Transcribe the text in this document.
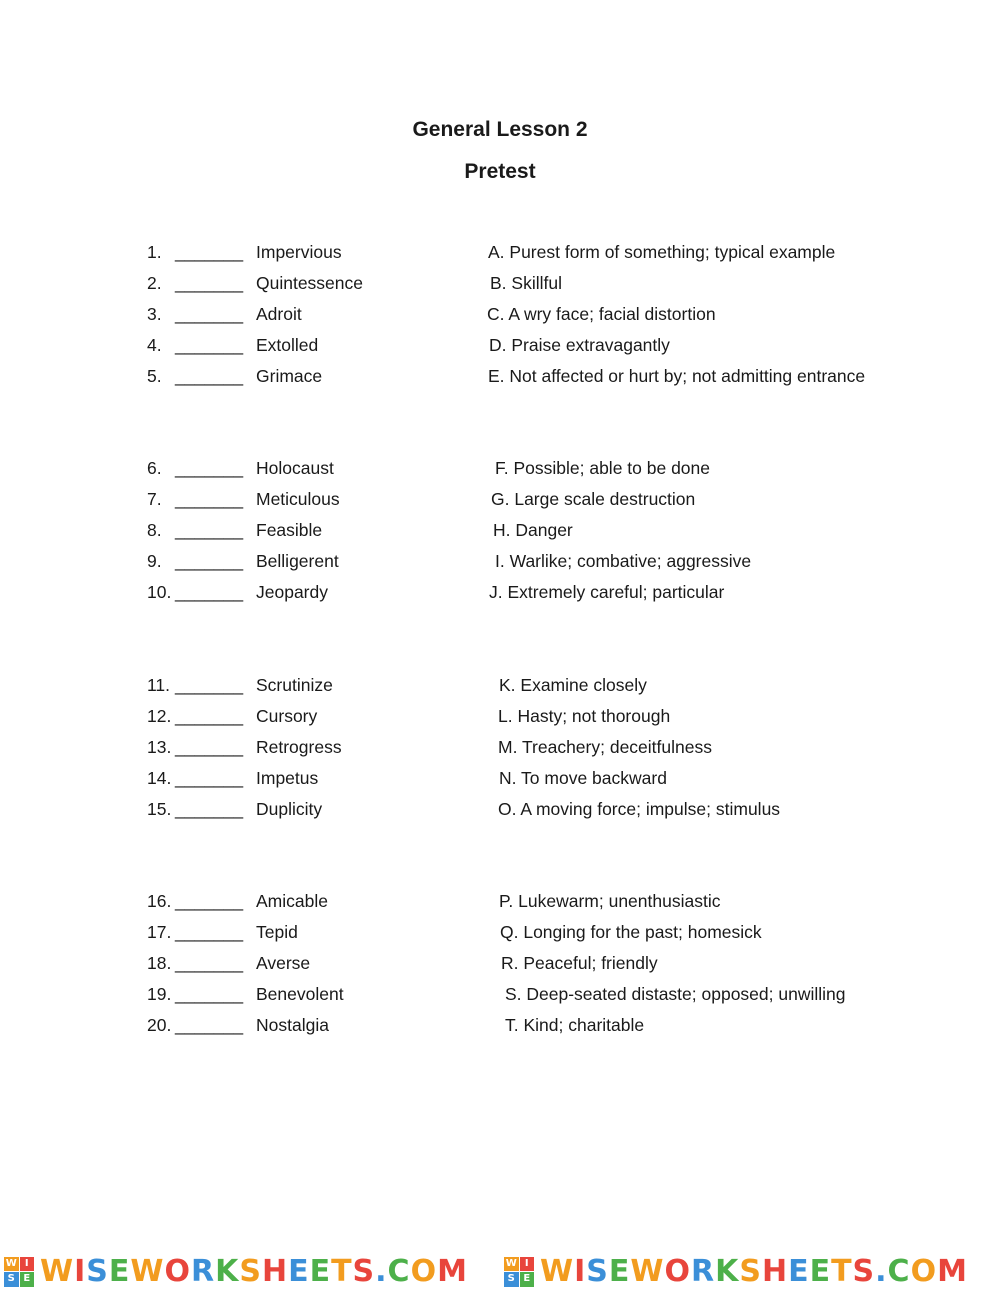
General Lesson 2
Pretest
1. _______ Impervious	A. Purest form of something; typical example
2. _______ Quintessence	B. Skillful
3. _______ Adroit	C. A wry face; facial distortion
4. _______ Extolled	D. Praise extravagantly
5. _______ Grimace	E. Not affected or hurt by; not admitting entrance
6. _______ Holocaust	F. Possible; able to be done
7. _______ Meticulous	G. Large scale destruction
8. _______ Feasible	H. Danger
9. _______ Belligerent	I. Warlike; combative; aggressive
10. _______ Jeopardy	J. Extremely careful; particular
11. _______ Scrutinize	K. Examine closely
12. _______ Cursory	L. Hasty; not thorough
13. _______ Retrogress	M. Treachery; deceitfulness
14. _______ Impetus	N. To move backward
15. _______ Duplicity	O. A moving force; impulse; stimulus
16. _______ Amicable	P. Lukewarm; unenthusiastic
17. _______ Tepid	Q. Longing for the past; homesick
18. _______ Averse	R. Peaceful; friendly
19. _______ Benevolent	S. Deep-seated distaste; opposed; unwilling
20. _______ Nostalgia	T. Kind; charitable
W I
S E WISEWORKSHEETS.COM	W I
S E WISEWORKSHEETS.COM
